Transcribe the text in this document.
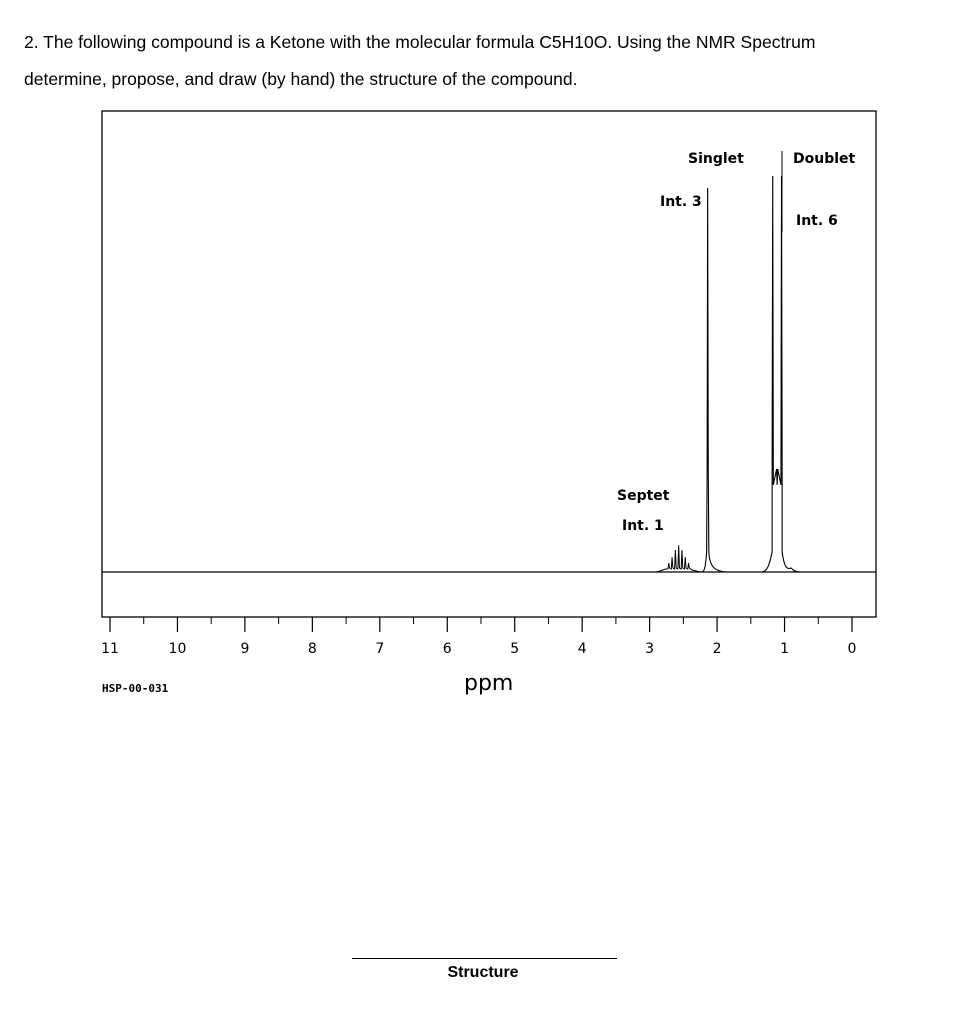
2. The following compound is a Ketone with the molecular formula C5H10O. Using the NMR Spectrum

determine, propose, and draw (by hand) the structure of the compound.

11	10	9	8	7	6	5	4	3	2	1	0
Singlet
Int. 3
Doublet
Int. 6
Septet
Int. 1
HSP-00-031	ppm
Structure
